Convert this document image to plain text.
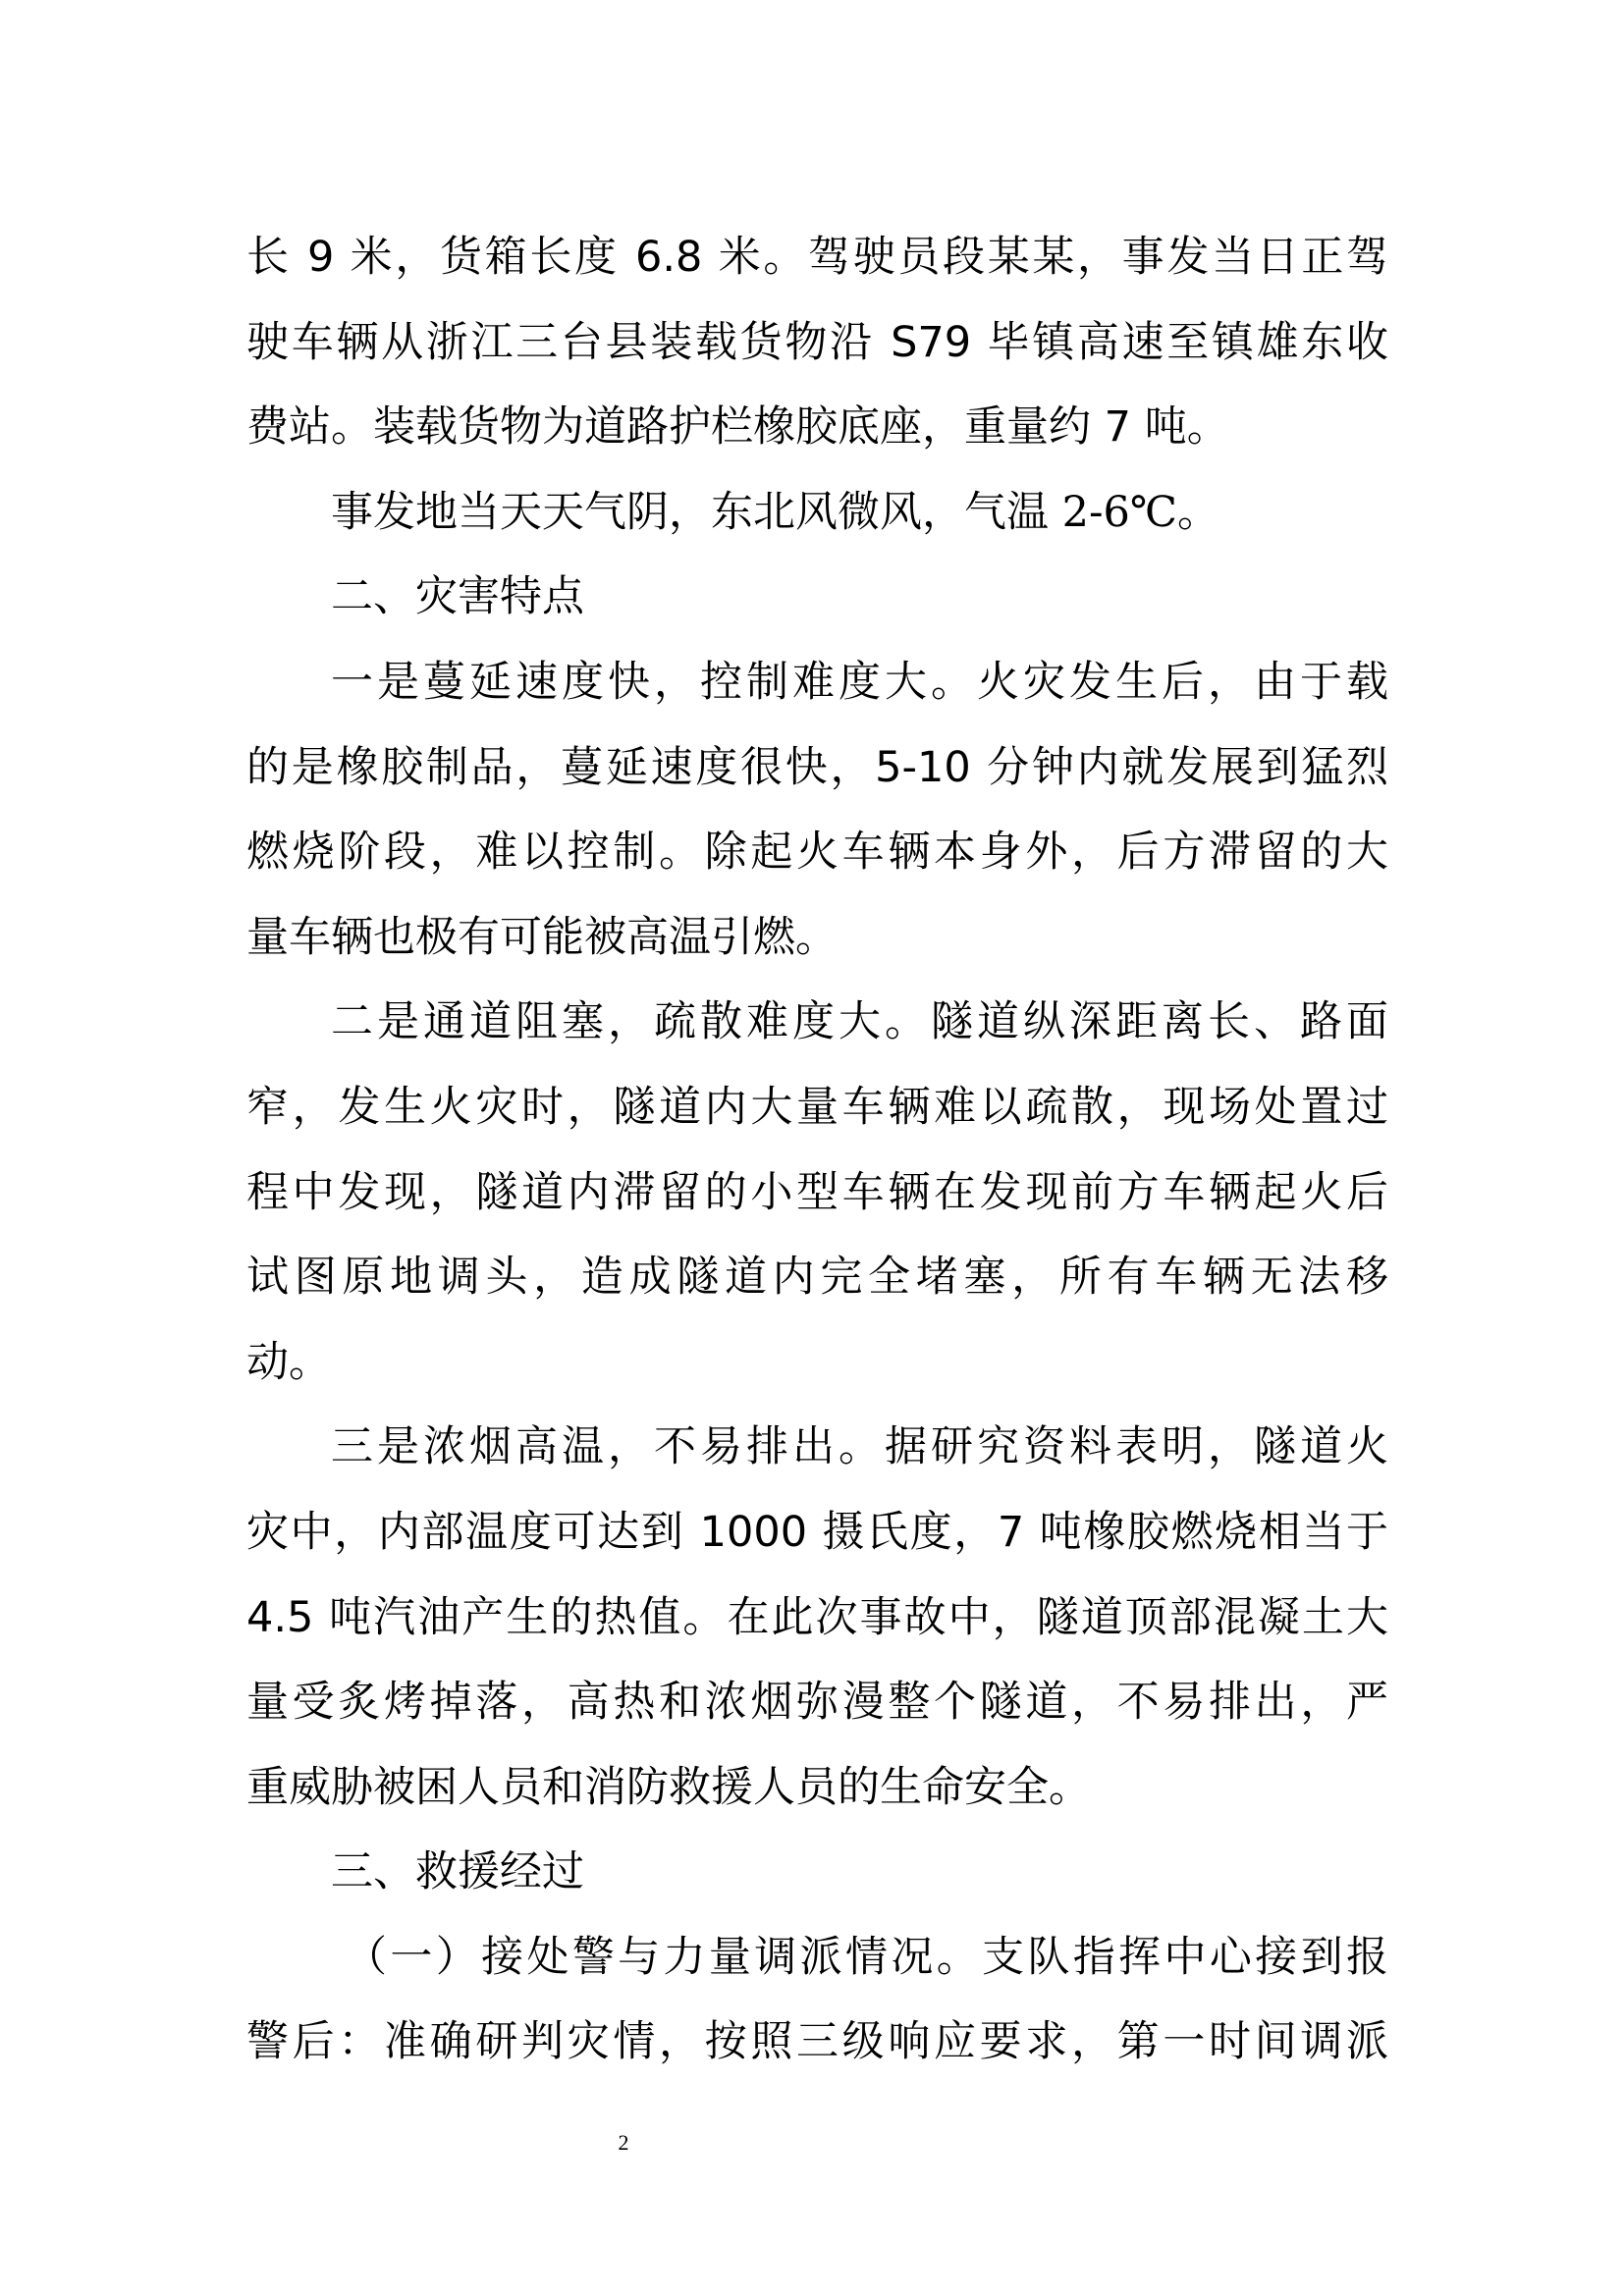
长 9 米，货箱长度 6.8 米。驾驶员段某某，事发当日正驾
驶车辆从浙江三台县装载货物沿 S79 毕镇高速至镇雄东收
费站。装载货物为道路护栏橡胶底座，重量约 7 吨。
事发地当天天气阴，东北风微风，气温 2-6℃。
二、灾害特点
一是蔓延速度快，控制难度大。火灾发生后，由于载
的是橡胶制品，蔓延速度很快，5-10 分钟内就发展到猛烈
燃烧阶段，难以控制。除起火车辆本身外，后方滞留的大
量车辆也极有可能被高温引燃。
二是通道阻塞，疏散难度大。隧道纵深距离长、路面
窄，发生火灾时，隧道内大量车辆难以疏散，现场处置过
程中发现，隧道内滞留的小型车辆在发现前方车辆起火后
试图原地调头，造成隧道内完全堵塞，所有车辆无法移
动。
三是浓烟高温，不易排出。据研究资料表明，隧道火
灾中，内部温度可达到 1000 摄氏度，7 吨橡胶燃烧相当于
4.5 吨汽油产生的热值。在此次事故中，隧道顶部混凝土大
量受炙烤掉落，高热和浓烟弥漫整个隧道，不易排出，严
重威胁被困人员和消防救援人员的生命安全。
三、救援经过
（一）接处警与力量调派情况。支队指挥中心接到报
警后：准确研判灾情，按照三级响应要求，第一时间调派
2
